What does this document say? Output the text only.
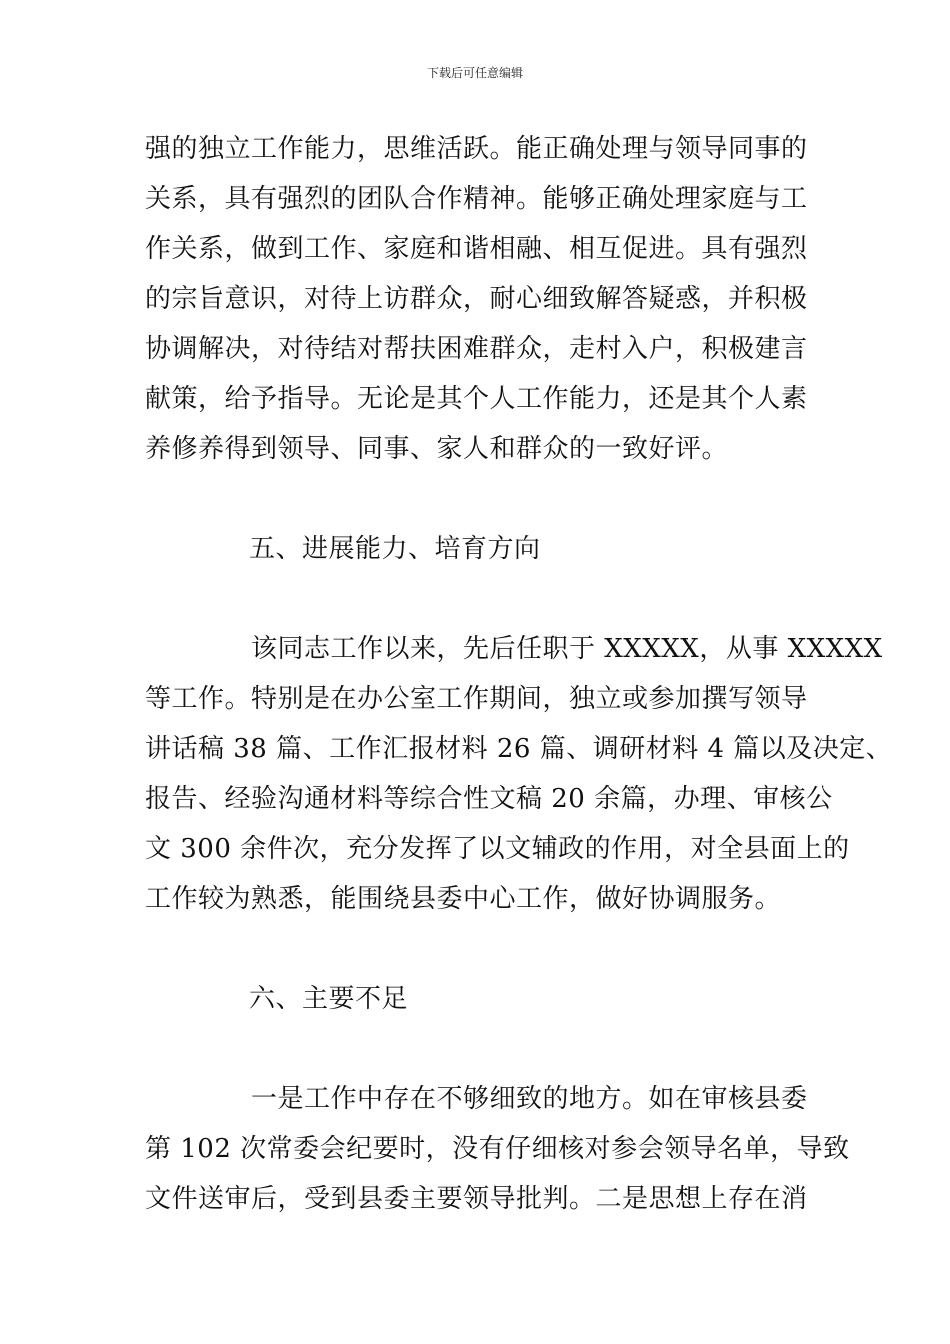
下载后可任意编辑
强的独立工作能力，思维活跃。能正确处理与领导同事的
关系，具有强烈的团队合作精神。能够正确处理家庭与工
作关系，做到工作、家庭和谐相融、相互促进。具有强烈
的宗旨意识，对待上访群众，耐心细致解答疑惑，并积极
协调解决，对待结对帮扶困难群众，走村入户，积极建言
献策，给予指导。无论是其个人工作能力，还是其个人素
养修养得到领导、同事、家人和群众的一致好评。
五、进展能力、培育方向
该同志工作以来，先后任职于 XXXXX，从事 XXXXX
等工作。特别是在办公室工作期间，独立或参加撰写领导
讲话稿 38 篇、工作汇报材料 26 篇、调研材料 4 篇以及决定、
报告、经验沟通材料等综合性文稿 20 余篇，办理、审核公
文 300 余件次，充分发挥了以文辅政的作用，对全县面上的
工作较为熟悉，能围绕县委中心工作，做好协调服务。
六、主要不足
一是工作中存在不够细致的地方。如在审核县委
第 102 次常委会纪要时，没有仔细核对参会领导名单，导致
文件送审后，受到县委主要领导批判。二是思想上存在消
